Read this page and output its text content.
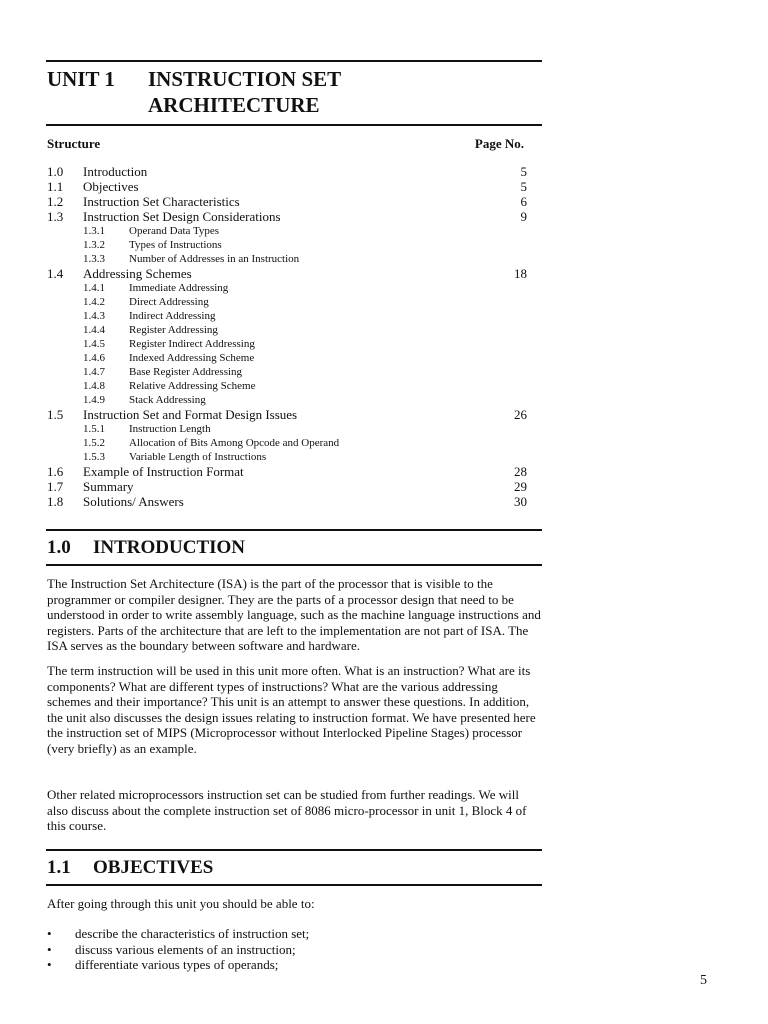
UNIT 1 INSTRUCTION SET
ARCHITECTURE
Structure	Page No.
1.0 Introduction	5
1.1 Objectives	5
1.2 Instruction Set Characteristics	6
1.3 Instruction Set Design Considerations	9
1.3.1 Operand Data Types
1.3.2 Types of Instructions
1.3.3 Number of Addresses in an Instruction
1.4 Addressing Schemes	18
1.4.1 Immediate Addressing
1.4.2 Direct Addressing
1.4.3 Indirect Addressing
1.4.4 Register Addressing
1.4.5 Register Indirect Addressing
1.4.6 Indexed Addressing Scheme
1.4.7 Base Register Addressing
1.4.8 Relative Addressing Scheme
1.4.9 Stack Addressing
1.5 Instruction Set and Format Design Issues	26
1.5.1 Instruction Length
1.5.2 Allocation of Bits Among Opcode and Operand
1.5.3 Variable Length of Instructions
1.6 Example of Instruction Format	28
1.7 Summary	29
1.8 Solutions/ Answers	30
1.0 INTRODUCTION

The Instruction Set Architecture (ISA) is the part of the processor that is visible to the programmer or compiler designer. They are the parts of a processor design that need to be understood in order to write assembly language, such as the machine language instructions and registers. Parts of the architecture that are left to the implementation are not part of ISA. The ISA serves as the boundary between software and hardware.

The term instruction will be used in this unit more often. What is an instruction? What are its components? What are different types of instructions? What are the various addressing schemes and their importance? This unit is an attempt to answer these questions. In addition, the unit also discusses the design issues relating to instruction format. We have presented here the instruction set of MIPS (Microprocessor without Interlocked Pipeline Stages) processor (very briefly) as an example.

Other related microprocessors instruction set can be studied from further readings. We will also discuss about the complete instruction set of 8086 micro-processor in unit 1, Block 4 of this course.

1.1 OBJECTIVES

After going through this unit you should be able to:

• describe the characteristics of instruction set;
• discuss various elements of an instruction;
• differentiate various types of operands;
5
